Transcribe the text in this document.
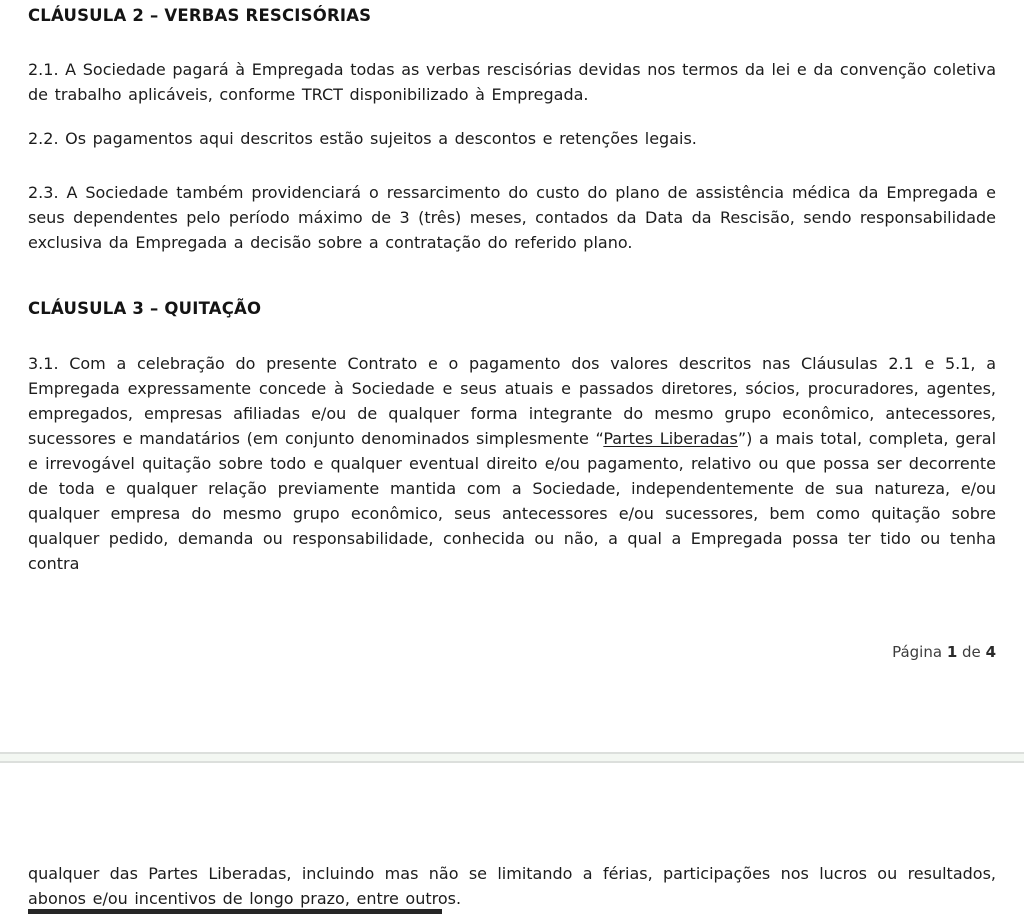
CLÁUSULA 2 – VERBAS RESCISÓRIAS

2.1. A Sociedade pagará à Empregada todas as verbas rescisórias devidas nos termos da lei e da convenção coletiva de trabalho aplicáveis, conforme TRCT disponibilizado à Empregada.

2.2. Os pagamentos aqui descritos estão sujeitos a descontos e retenções legais.

2.3. A Sociedade também providenciará o ressarcimento do custo do plano de assistência médica da Empregada e seus dependentes pelo período máximo de 3 (três) meses, contados da Data da Rescisão, sendo responsabilidade exclusiva da Empregada a decisão sobre a contratação do referido plano.

CLÁUSULA 3 – QUITAÇÃO

3.1. Com a celebração do presente Contrato e o pagamento dos valores descritos nas Cláusulas 2.1 e 5.1, a Empregada expressamente concede à Sociedade e seus atuais e passados diretores, sócios, procuradores, agentes, empregados, empresas afiliadas e/ou de qualquer forma integrante do mesmo grupo econômico, antecessores, sucessores e mandatários (em conjunto denominados simplesmente “Partes Liberadas”) a mais total, completa, geral e irrevogável quitação sobre todo e qualquer eventual direito e/ou pagamento, relativo ou que possa ser decorrente de toda e qualquer relação previamente mantida com a Sociedade, independentemente de sua natureza, e/ou qualquer empresa do mesmo grupo econômico, seus antecessores e/ou sucessores, bem como quitação sobre qualquer pedido, demanda ou responsabilidade, conhecida ou não, a qual a Empregada possa ter tido ou tenha contra

Página 1 de 4

qualquer das Partes Liberadas, incluindo mas não se limitando a férias, participações nos lucros ou resultados, abonos e/ou incentivos de longo prazo, entre outros.
